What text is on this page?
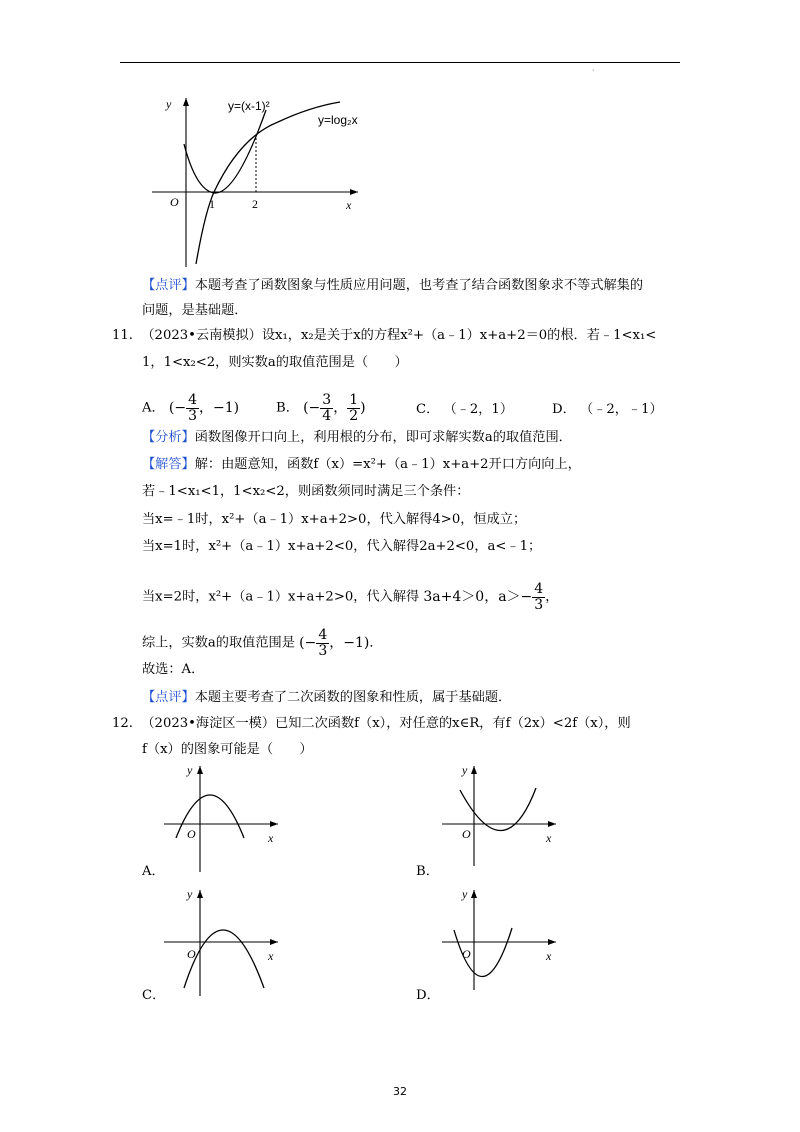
·
y
x
O	1	2
y=(x-1)²
y=log₂x
【点评】本题考查了函数图象与性质应用问题，也考查了结合函数图象求不等式解集的
问题，是基础题．
11. （2023•云南模拟）设x₁，x₂是关于x的方程x²+（a﹣1）x+a+2＝0的根．若﹣1<x₁<
1，1<x₂<2，则实数a的取值范围是（　　）
A． (− $\frac{4}{3}$ ，−1)	B． (− $\frac{3}{4}$ ， $\frac{1}{2}$ )	C． （﹣2，1）	D． （﹣2，﹣1）
【分析】函数图像开口向上，利用根的分布，即可求解实数a的取值范围．
【解答】解：由题意知，函数f（x）=x²+（a﹣1）x+a+2开口方向向上，
若﹣1<x₁<1，1<x₂<2，则函数须同时满足三个条件：
当x=﹣1时，x²+（a﹣1）x+a+2>0，代入解得4>0，恒成立；
当x=1时，x²+（a﹣1）x+a+2<0，代入解得2a+2<0，a<﹣1；
当x=2时，x²+（a﹣1）x+a+2>0，代入解得 3a+4＞0，$a>- \frac{4}{3}$ ，
综上，实数a的取值范围是 (− $\frac{4}{3}$ ，−1)．
故选：A．
【点评】本题主要考查了二次函数的图象和性质，属于基础题．
12. （2023•海淀区一模）已知二次函数f（x），对任意的x∈R，有f（2x）<2f（x），则
f（x）的图象可能是（　　）
y
x
O
A．
y
x
O
B．
y
x
O
C．
y
x
O
D．
32
